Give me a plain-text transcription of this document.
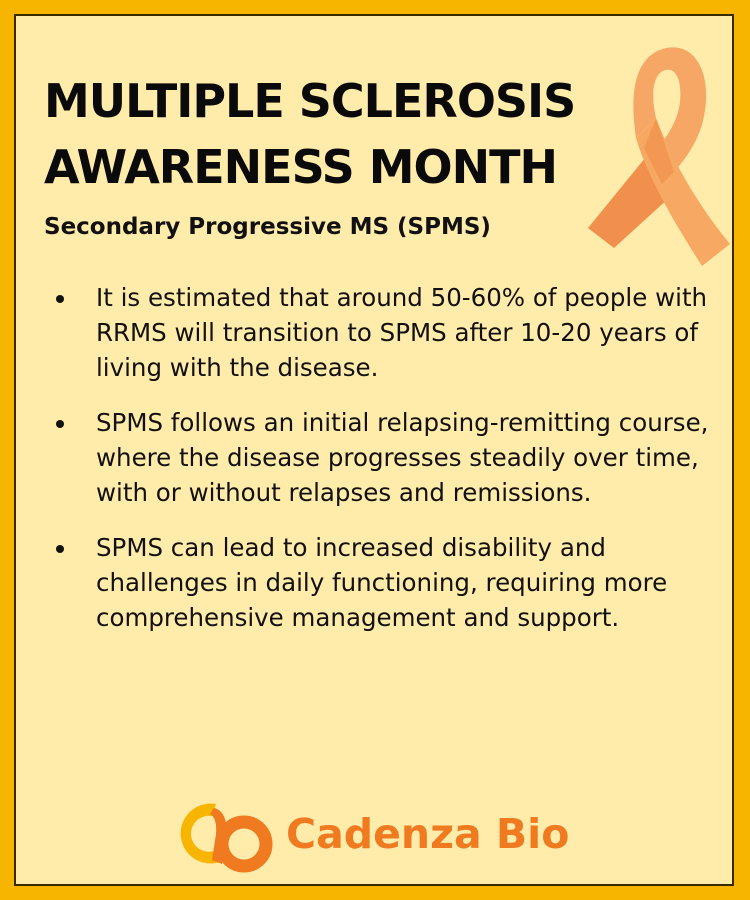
MULTIPLE SCLEROSIS
AWARENESS MONTH
Secondary Progressive MS (SPMS)
It is estimated that around 50-60% of people with RRMS will transition to SPMS after 10-20 years of living with the disease.
SPMS follows an initial relapsing-remitting course, where the disease progresses steadily over time, with or without relapses and remissions.
SPMS can lead to increased disability and challenges in daily functioning, requiring more comprehensive management and support.
Cadenza Bio
